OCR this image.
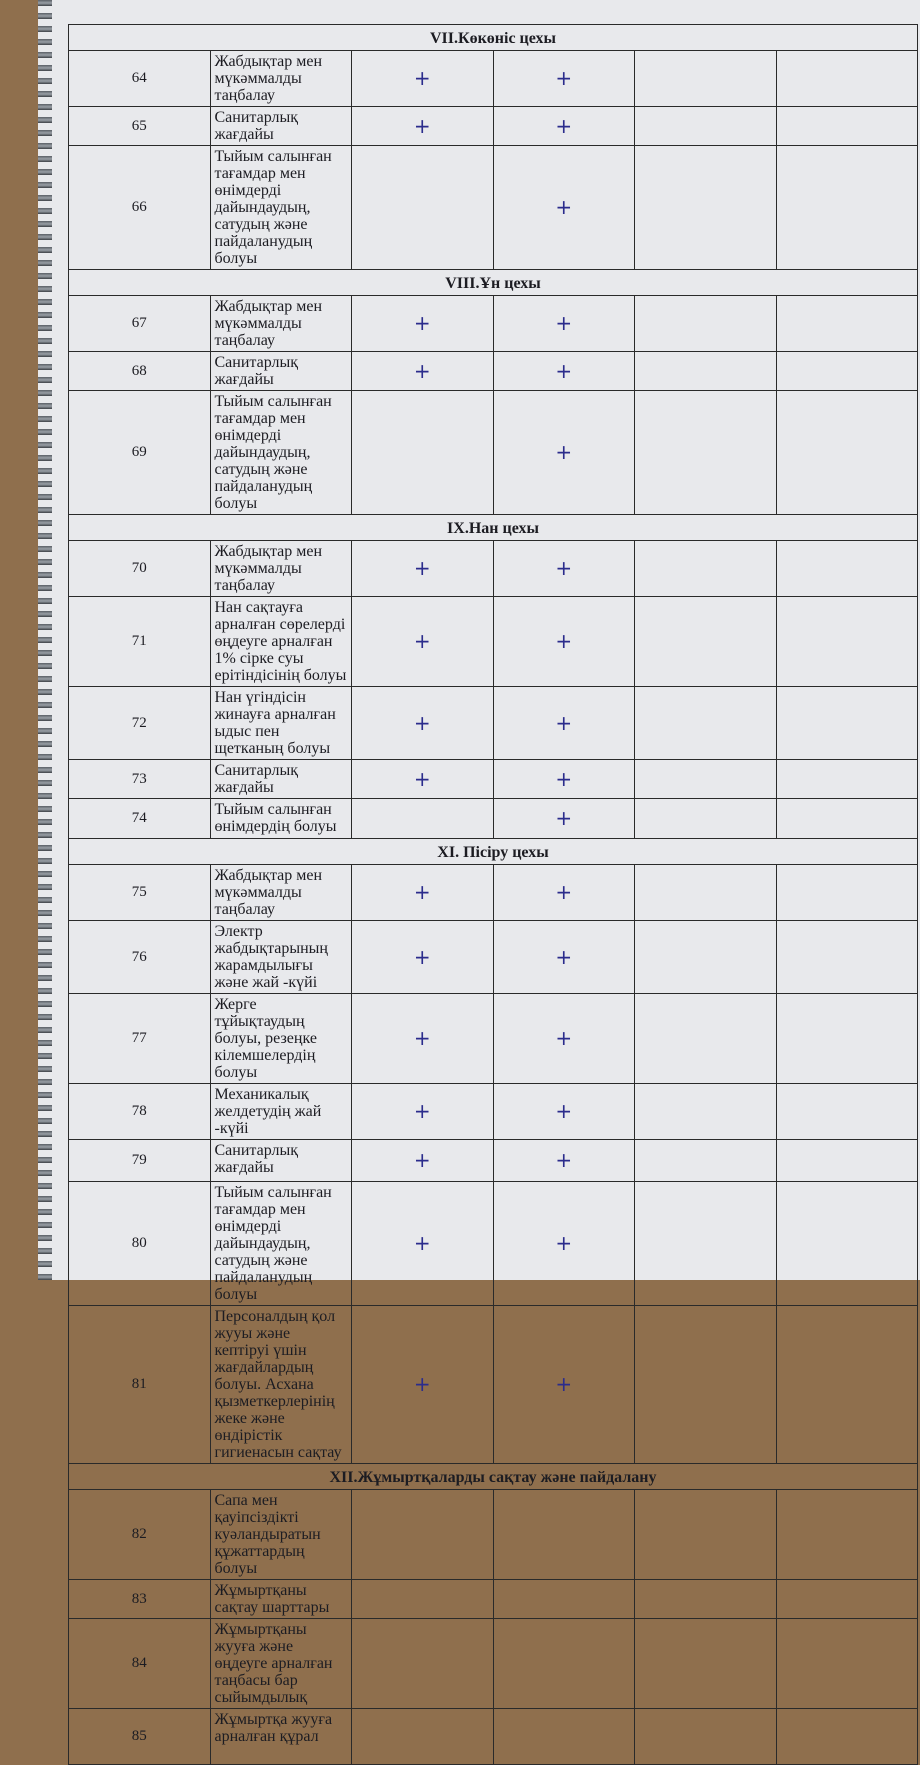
VII.Көкөніс цехы					
64	Жабдықтар мен мүкәммалды таңбалау	+	+		
65	Санитарлық жағдайы	+	+		
66	Тыйым салынған тағамдар мен өнімдерді дайындаудың, сатудың және пайдаланудың болуы		+		
VIII.Ұн цехы					
67	Жабдықтар мен мүкәммалды таңбалау	+	+		
68	Санитарлық жағдайы	+	+		
69	Тыйым салынған тағамдар мен өнімдерді дайындаудың, сатудың және пайдаланудың болуы		+		
IX.Нан цехы					
70	Жабдықтар мен мүкәммалды таңбалау	+	+		
71	Нан сақтауға арналған сөрелерді өңдеуге арналған 1% сірке суы ерітіндісінің болуы	+	+		
72	Нан үгіндісін жинауға арналған ыдыс пен щетканың болуы	+	+		
73	Санитарлық жағдайы	+	+		
74	Тыйым салынған өнімдердің болуы		+		
XI. Пісіру цехы					
75	Жабдықтар мен мүкәммалды таңбалау	+	+		
76	Электр жабдықтарының жарамдылығы және жай -күйі	+	+		
77	Жерге тұйықтаудың болуы, резеңке кілемшелердің болуы	+	+		
78	Механикалық желдетудің жай -күйі	+	+		
79	Санитарлық жағдайы	+	+		
80	Тыйым салынған тағамдар мен өнімдерді дайындаудың, сатудың және пайдаланудың болуы	+	+		
81	Персоналдың қол жууы және кептіруі үшін жағдайлардың болуы. Асхана қызметкерлерінің жеке және өндірістік гигиенасын сақтау	+	+		
XII.Жұмыртқаларды сақтау және пайдалану					
82	Сапа мен қауіпсіздікті куәландыратын құжаттардың болуы				
83	Жұмыртқаны сақтау шарттары				
84	Жұмыртқаны жууға және өңдеуге арналған таңбасы бар сыйымдылық				
85	Жұмыртқа жууға арналған құрал				
